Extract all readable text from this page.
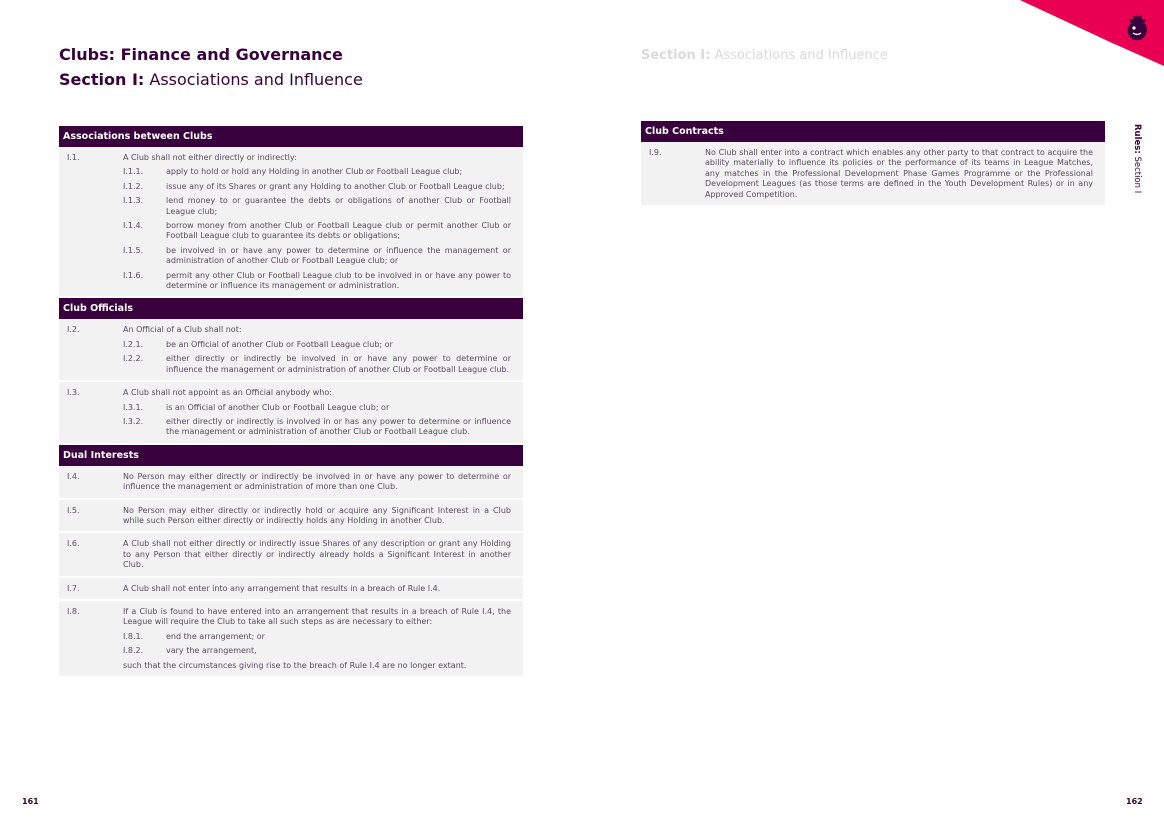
Clubs: Finance and Governance
Section I: Associations and Influence
Associations between Clubs
I.1.	A Club shall not either directly or indirectly:
I.1.1.	apply to hold or hold any Holding in another Club or Football League club;
I.1.2.	issue any of its Shares or grant any Holding to another Club or Football League club;
I.1.3.	lend money to or guarantee the debts or obligations of another Club or Football League club;
I.1.4.	borrow money from another Club or Football League club or permit another Club or Football League club to guarantee its debts or obligations;
I.1.5.	be involved in or have any power to determine or influence the management or administration of another Club or Football League club; or
I.1.6.	permit any other Club or Football League club to be involved in or have any power to determine or influence its management or administration.
Club Officials
I.2.	An Official of a Club shall not:
I.2.1.	be an Official of another Club or Football League club; or
I.2.2.	either directly or indirectly be involved in or have any power to determine or influence the management or administration of another Club or Football League club.
I.3.	A Club shall not appoint as an Official anybody who:
I.3.1.	is an Official of another Club or Football League club; or
I.3.2.	either directly or indirectly is involved in or has any power to determine or influence the management or administration of another Club or Football League club.
Dual Interests
I.4.	No Person may either directly or indirectly be involved in or have any power to determine or influence the management or administration of more than one Club.
I.5.	No Person may either directly or indirectly hold or acquire any Significant Interest in a Club while such Person either directly or indirectly holds any Holding in another Club.
I.6.	A Club shall not either directly or indirectly issue Shares of any description or grant any Holding to any Person that either directly or indirectly already holds a Significant Interest in another Club.
I.7.	A Club shall not enter into any arrangement that results in a breach of Rule I.4.
I.8.	If a Club is found to have entered into an arrangement that results in a breach of Rule I.4, the League will require the Club to take all such steps as are necessary to either:
I.8.1.	end the arrangement; or
I.8.2.	vary the arrangement,
such that the circumstances giving rise to the breach of Rule I.4 are no longer extant.
161
Section I: Associations and Influence
Club Contracts
I.9.	No Club shall enter into a contract which enables any other party to that contract to acquire the ability materially to influence its policies or the performance of its teams in League Matches, any matches in the Professional Development Phase Games Programme or the Professional Development Leagues (as those terms are defined in the Youth Development Rules) or in any Approved Competition.
162
Rules: Section I
